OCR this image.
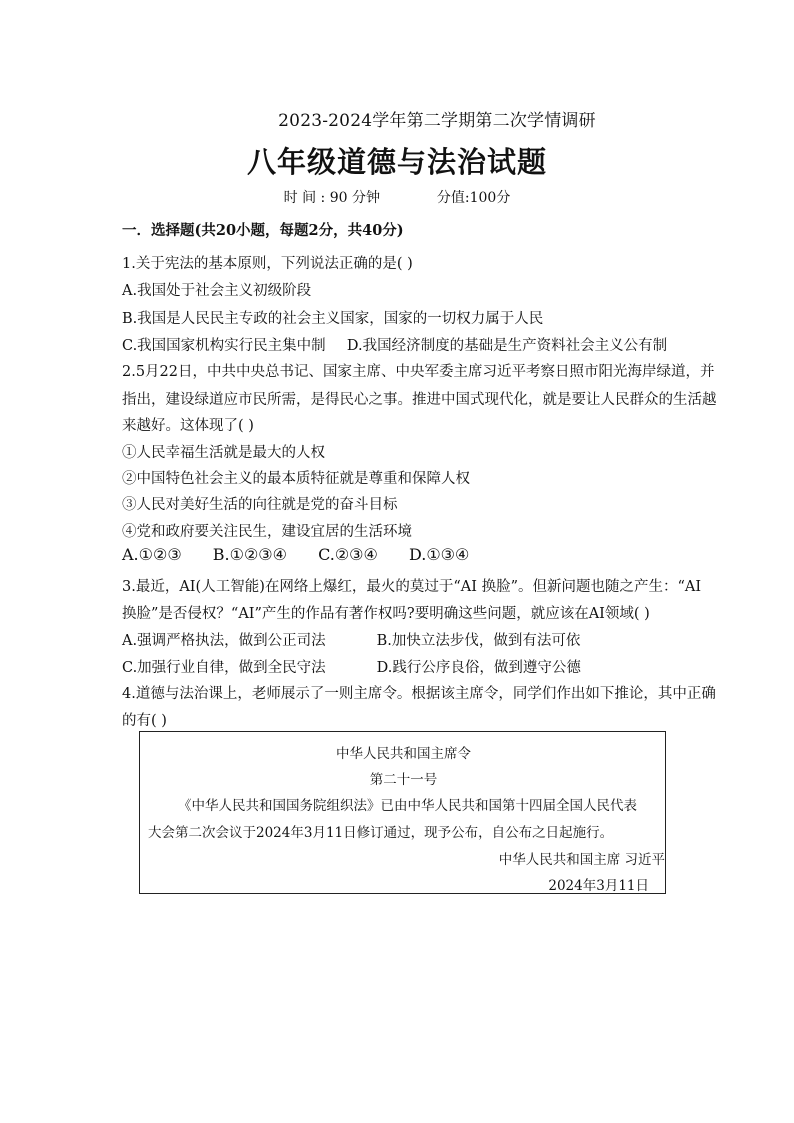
2023-2024学年第二学期第二次学情调研
八年级道德与法治试题
时 间 : 90 分钟	分值:100分
一．选择题(共20小题，每题2分，共40分)
1.关于宪法的基本原则，下列说法正确的是( )
A.我国处于社会主义初级阶段
B.我国是人民民主专政的社会主义国家，国家的一切权力属于人民
C.我国国家机构实行民主集中制 D.我国经济制度的基础是生产资料社会主义公有制
2.5月22日，中共中央总书记、国家主席、中央军委主席习近平考察日照市阳光海岸绿道，并
指出，建设绿道应市民所需，是得民心之事。推进中国式现代化，就是要让人民群众的生活越
来越好。这体现了( )
①人民幸福生活就是最大的人权
②中国特色社会主义的最本质特征就是尊重和保障人权
③人民对美好生活的向往就是党的奋斗目标
④党和政府要关注民生，建设宜居的生活环境
A.①②③ B.①②③④ C.②③④ D.①③④
3.最近，AI(人工智能)在网络上爆红，最火的莫过于“AI 换脸”。但新问题也随之产生：“AI
换脸”是否侵权？“AI”产生的作品有著作权吗?要明确这些问题，就应该在AI领域( )
A.强调严格执法，做到公正司法	B.加快立法步伐，做到有法可依
C.加强行业自律，做到全民守法	D.践行公序良俗，做到遵守公德
4.道德与法治课上，老师展示了一则主席令。根据该主席令，同学们作出如下推论，其中正确
的有( )
中华人民共和国主席令
第二十一号
《中华人民共和国国务院组织法》已由中华人民共和国第十四届全国人民代表
大会第二次会议于2024年3月11日修订通过，现予公布，自公布之日起施行。
中华人民共和国主席 习近平
2024年3月11日
